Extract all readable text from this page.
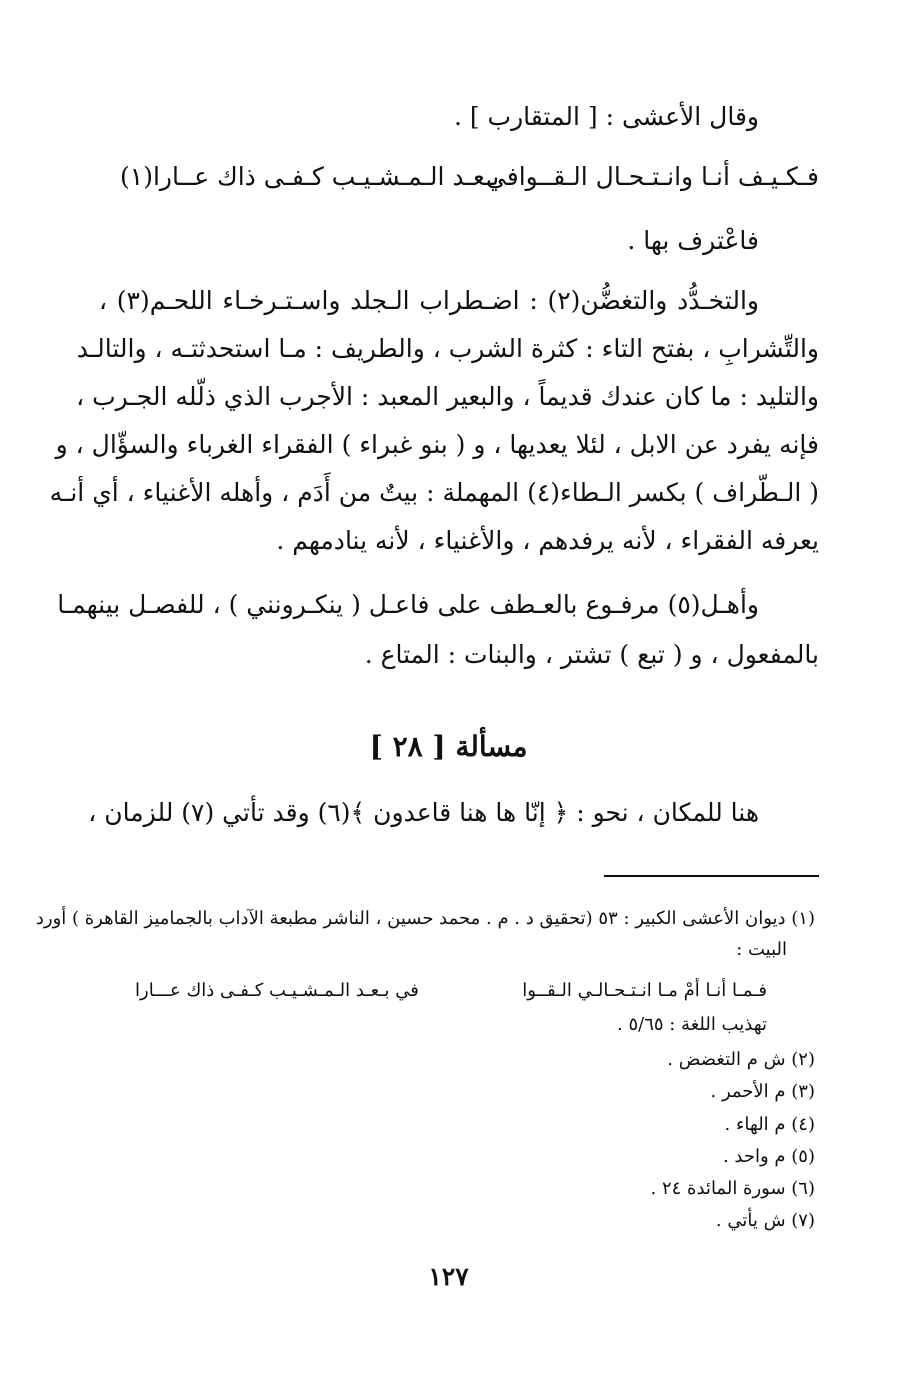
وقال الأعشى : [ المتقارب ] .
فـكـيـف أنـا وانـتـحـال الـقــوافي
بـعـد الـمـشـيـب كـفـى ذاك عــارا(١)
فاعْترف بها .
والتخـدُّد والتغضُّن(٢) : اضـطراب الـجلد واسـتـرخـاء اللحـم(٣) ،
والتِّشرابِ ، بفتح التاء : كثرة الشرب ، والطريف : مـا استحدثتـه ، والتالـد
والتليد : ما كان عندك قديماً ، والبعير المعبد : الأجرب الذي ذلّله الجـرب ،
فإنه يفرد عن الابل ، لئلا يعديها ، و ( بنو غبراء ) الفقراء الغرباء والسؤّال ، و
( الـطّراف ) بكسر الـطاء(٤) المهملة : بيتٌ من أَدَم ، وأهله الأغنياء ، أي أنـه
يعرفه الفقراء ، لأنه يرفدهم ، والأغنياء ، لأنه ينادمهم .
وأهـل(٥) مرفـوع بالعـطف على فاعـل ( ينكـرونني ) ، للفصـل بينهمـا
بالمفعول ، و ( تبع ) تشتر ، والبنات : المتاع .
مسألة [ ٢٨ ]
هنا للمكان ، نحو : ﴿ إنّا ها هنا قاعدون ﴾(٦) وقد تأتي (٧) للزمان ،
(١) ديوان الأعشى الكبير : ٥٣ (تحقيق د . م . محمد حسين ، الناشر مطبعة الآداب بالجماميز القاهرة ) أورد
البيت :
فـمـا أنـا أمْ مـا انـتـحـالـي الـقــوا
في بـعـد الـمـشـيـب كـفـى ذاك عـــارا
تهذيب اللغة : ٥/٦٥ .
(٢) ش م التغضض .
(٣) م الأحمر .
(٤) م الهاء .
(٥) م واحد .
(٦) سورة المائدة ٢٤ .
(٧) ش يأتي .
١٢٧
